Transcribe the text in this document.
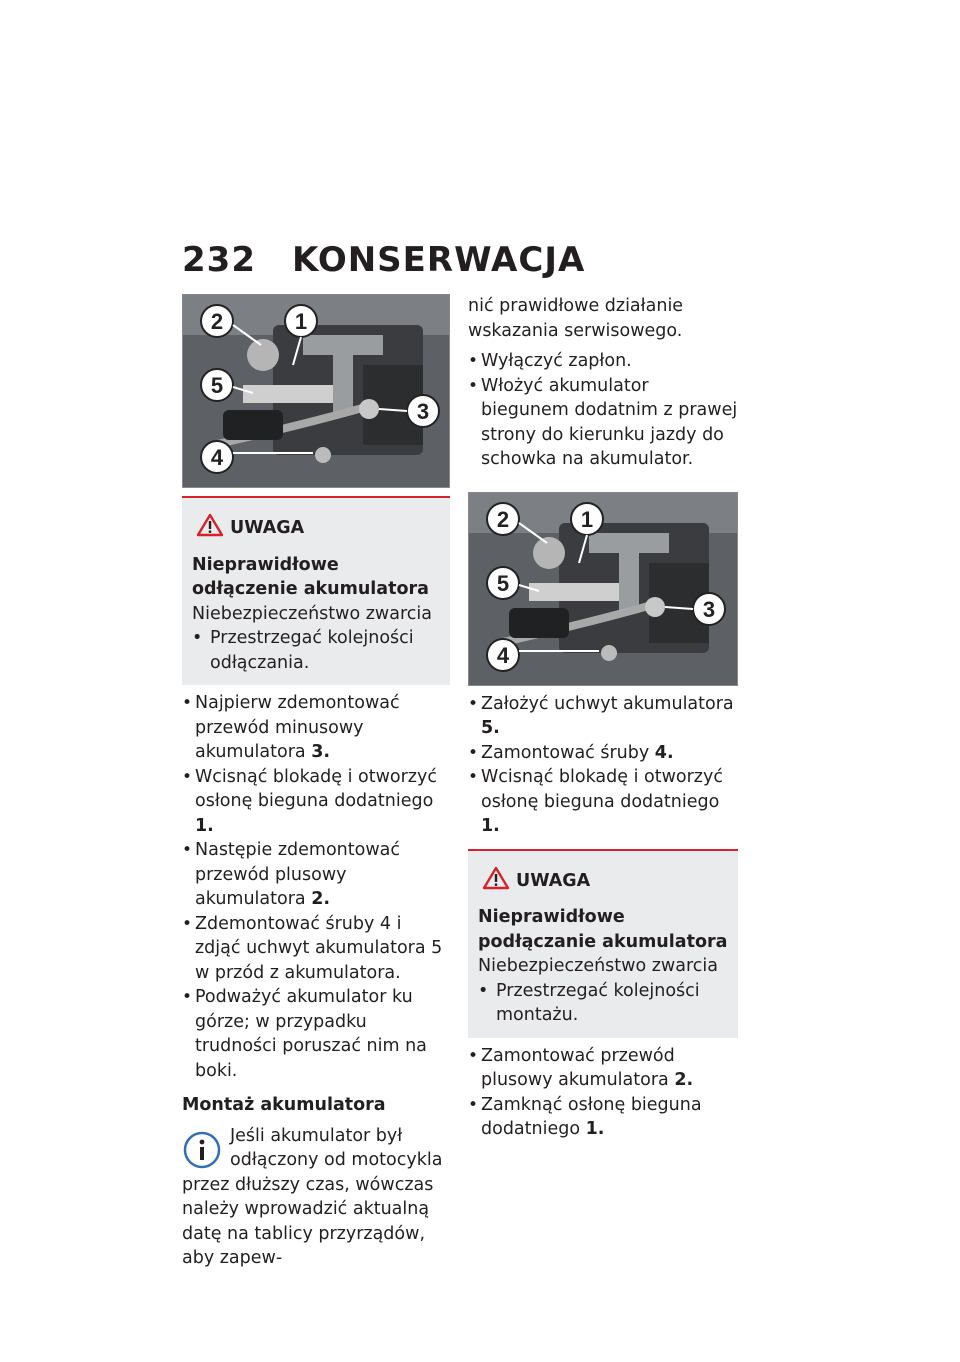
232 KONSERWACJA
2	1
5
3
4
UWAGA

Nieprawidłowe odłączenie akumulatora

Niebezpieczeństwo zwarcia

• Przestrzegać kolejności odłączania.
• Najpierw zdemontować przewód minusowy akumulatora 3.
• Wcisnąć blokadę i otworzyć osłonę bieguna dodatniego 1.
• Następie zdemontować przewód plusowy akumulatora 2.
• Zdemontować śruby 4 i zdjąć uchwyt akumulatora 5 w przód z akumulatora.
• Podważyć akumulator ku górze; w przypadku trudności poruszać nim na boki.

Montaż akumulatora

Jeśli akumulator był odłączony od motocykla przez dłuższy czas, wówczas należy wprowadzić aktualną datę na tablicy przyrządów, aby zapew-

nić prawidłowe działanie wskazania serwisowego.

• Wyłączyć zapłon.
• Włożyć akumulator biegunem dodatnim z prawej strony do kierunku jazdy do schowka na akumulator.
2	1
5
3
4
• Założyć uchwyt akumulatora 5.
• Zamontować śruby 4.
• Wcisnąć blokadę i otworzyć osłonę bieguna dodatniego 1.
UWAGA

Nieprawidłowe podłączanie akumulatora

Niebezpieczeństwo zwarcia

• Przestrzegać kolejności montażu.
• Zamontować przewód plusowy akumulatora 2.
• Zamknąć osłonę bieguna dodatniego 1.
